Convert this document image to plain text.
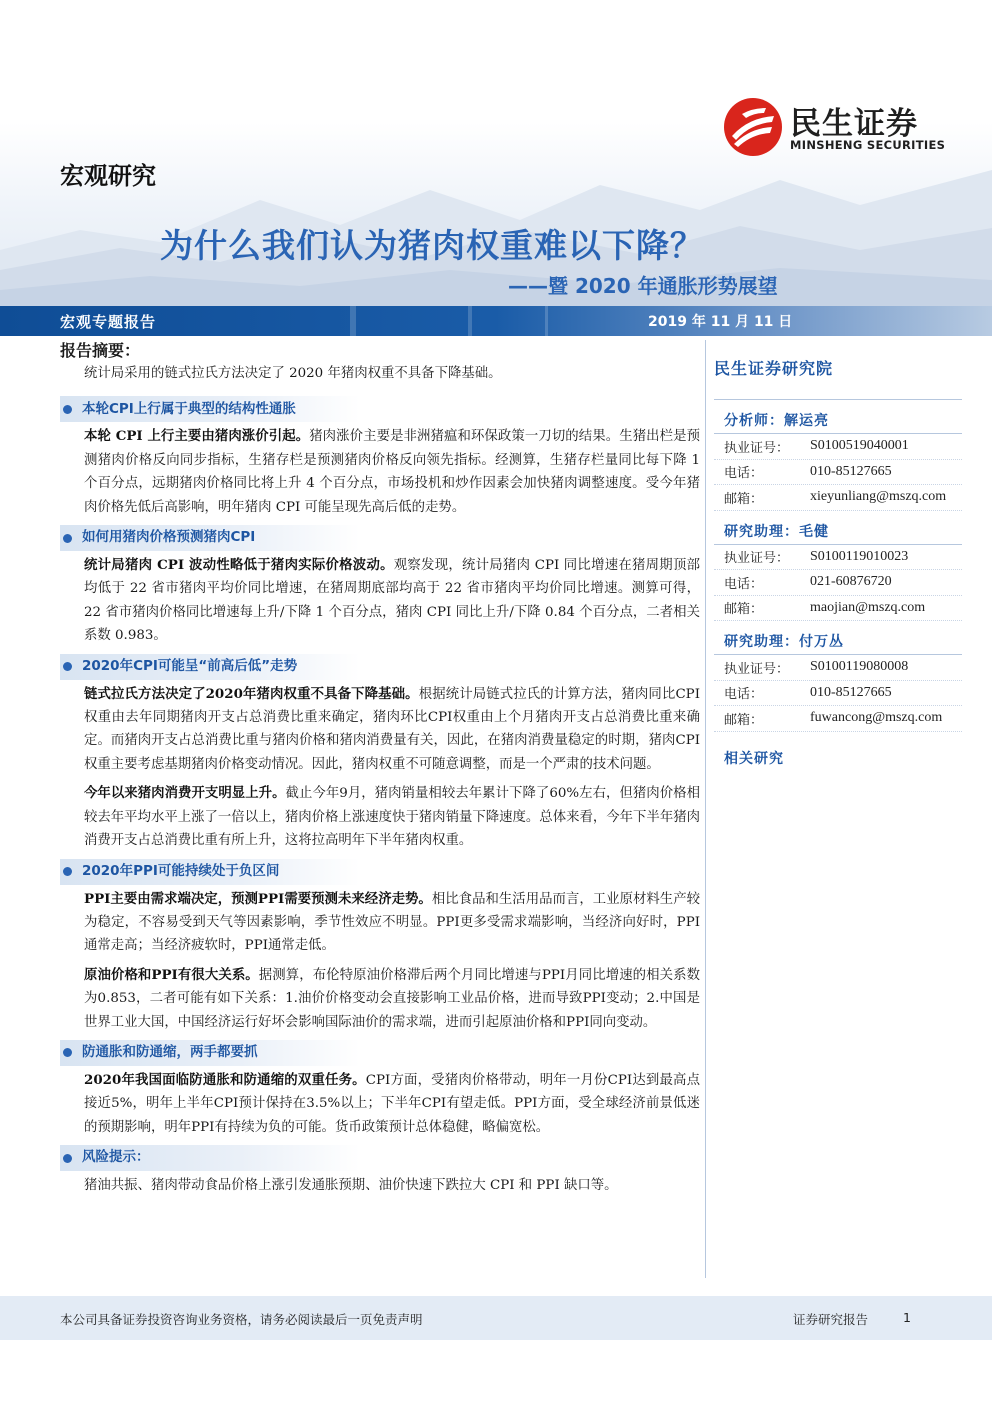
民生证券
MINSHENG SECURITIES
宏观研究
为什么我们认为猪肉权重难以下降？
——暨 2020 年通胀形势展望
宏观专题报告	2019 年 11 月 11 日
报告摘要：
统计局采用的链式拉氏方法决定了 2020 年猪肉权重不具备下降基础。
本轮CPI上行属于典型的结构性通胀

本轮 CPI 上行主要由猪肉涨价引起。猪肉涨价主要是非洲猪瘟和环保政策一刀切的结果。生猪出栏是预测猪肉价格反向同步指标，生猪存栏是预测猪肉价格反向领先指标。经测算，生猪存栏量同比每下降 1 个百分点，远期猪肉价格同比将上升 4 个百分点，市场投机和炒作因素会加快猪肉调整速度。受今年猪肉价格先低后高影响，明年猪肉 CPI 可能呈现先高后低的走势。

如何用猪肉价格预测猪肉CPI

统计局猪肉 CPI 波动性略低于猪肉实际价格波动。观察发现，统计局猪肉 CPI 同比增速在猪周期顶部均低于 22 省市猪肉平均价同比增速，在猪周期底部均高于 22 省市猪肉平均价同比增速。测算可得，22 省市猪肉价格同比增速每上升/下降 1 个百分点，猪肉 CPI 同比上升/下降 0.84 个百分点，二者相关系数 0.983。

2020年CPI可能呈“前高后低”走势

链式拉氏方法决定了2020年猪肉权重不具备下降基础。根据统计局链式拉氏的计算方法，猪肉同比CPI权重由去年同期猪肉开支占总消费比重来确定，猪肉环比CPI权重由上个月猪肉开支占总消费比重来确定。而猪肉开支占总消费比重与猪肉价格和猪肉消费量有关，因此，在猪肉消费量稳定的时期，猪肉CPI权重主要考虑基期猪肉价格变动情况。因此，猪肉权重不可随意调整，而是一个严肃的技术问题。

今年以来猪肉消费开支明显上升。截止今年9月，猪肉销量相较去年累计下降了60%左右，但猪肉价格相较去年平均水平上涨了一倍以上，猪肉价格上涨速度快于猪肉销量下降速度。总体来看，今年下半年猪肉消费开支占总消费比重有所上升，这将拉高明年下半年猪肉权重。

2020年PPI可能持续处于负区间

PPI主要由需求端决定，预测PPI需要预测未来经济走势。相比食品和生活用品而言，工业原材料生产较为稳定，不容易受到天气等因素影响，季节性效应不明显。PPI更多受需求端影响，当经济向好时，PPI通常走高；当经济疲软时，PPI通常走低。

原油价格和PPI有很大关系。据测算，布伦特原油价格滞后两个月同比增速与PPI月同比增速的相关系数为0.853，二者可能有如下关系：1.油价价格变动会直接影响工业品价格，进而导致PPI变动；2.中国是世界工业大国，中国经济运行好坏会影响国际油价的需求端，进而引起原油价格和PPI同向变动。

防通胀和防通缩，两手都要抓

2020年我国面临防通胀和防通缩的双重任务。CPI方面，受猪肉价格带动，明年一月份CPI达到最高点接近5%，明年上半年CPI预计保持在3.5%以上；下半年CPI有望走低。PPI方面，受全球经济前景低迷的预期影响，明年PPI有持续为负的可能。货币政策预计总体稳健，略偏宽松。

风险提示：

猪油共振、猪肉带动食品价格上涨引发通胀预期、油价快速下跌拉大 CPI 和 PPI 缺口等。

民生证券研究院
分析师：解运亮
执业证号：	S0100519040001
电话：	010-85127665
邮箱：	xieyunliang@mszq.com
研究助理：毛健
执业证号：	S0100119010023
电话：	021-60876720
邮箱：	maojian@mszq.com
研究助理：付万丛
执业证号：	S0100119080008
电话：	010-85127665
邮箱：	fuwancong@mszq.com
相关研究
本公司具备证券投资咨询业务资格，请务必阅读最后一页免责声明	证券研究报告	1
